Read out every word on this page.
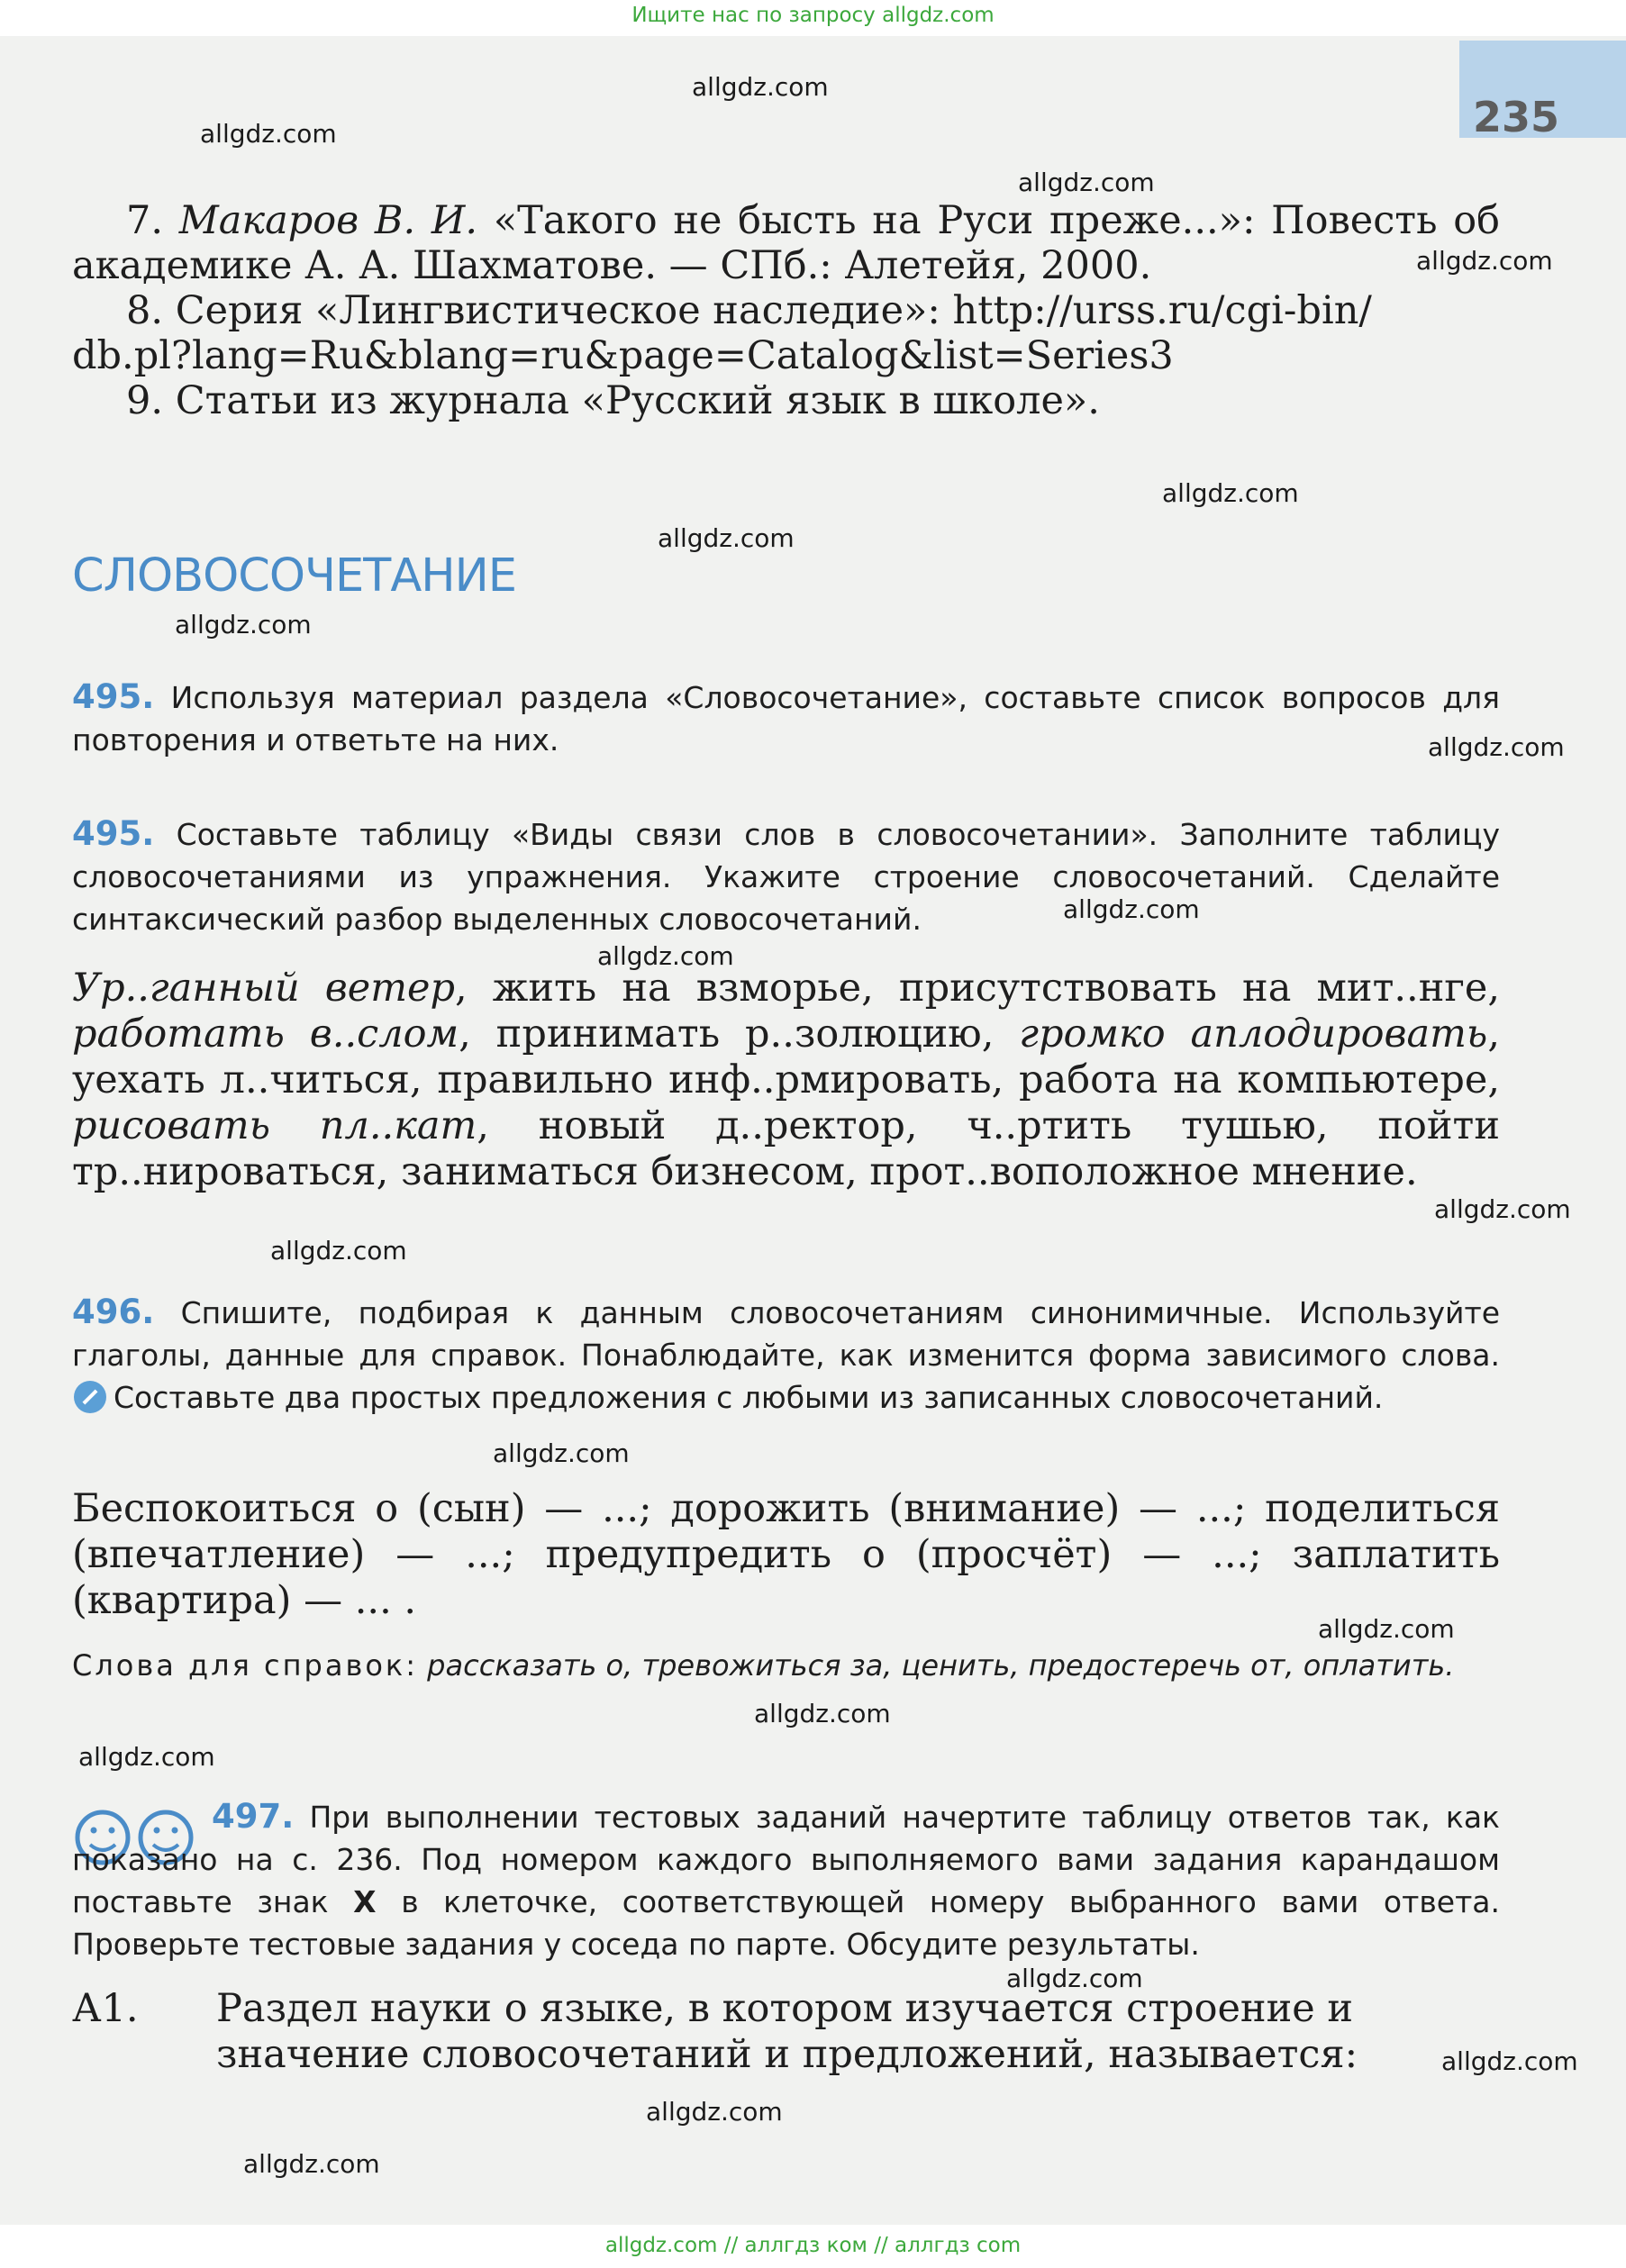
Ищите нас по запросу allgdz.com
235
7. Макаров В. И. «Такого не бысть на Руси преже...»: Повесть об академике А. А. Шахматове. — СПб.: Алетейя, 2000.
8. Серия «Лингвистическое наследие»: http://urss.ru/cgi-bin/ db.pl?lang=Ru&blang=ru&page=Catalog&list=Series3
9. Статьи из журнала «Русский язык в школе».
СЛОВОСОЧЕТАНИЕ
495. Используя материал раздела «Словосочетание», составьте список вопросов для повторения и ответьте на них.
495. Составьте таблицу «Виды связи слов в словосочетании». Заполните таблицу словосочетаниями из упражнения. Укажите строение словосочетаний. Сделайте синтаксический разбор выделенных словосочетаний.
Ур..ганный ветер, жить на взморье, присутствовать на мит..нге, работать в..слом, принимать р..золюцию, громко аплодировать, уехать л..читься, правильно инф..рмировать, работа на компьютере, рисовать пл..кат, новый д..ректор, ч..ртить тушью, пойти тр..нироваться, заниматься бизнесом, прот..воположное мнение.
496. Спишите, подбирая к данным словосочетаниям синонимичные. Используйте глаголы, данные для справок. Понаблюдайте, как изменится форма зависимого слова. Составьте два простых предложения с любыми из записанных словосочетаний.
Беспокоиться о (сын) — ...; дорожить (внимание) — ...; поделиться (впечатление) — ...; предупредить о (просчёт) — ...; заплатить (квартира) — ... .
Слова для справок: рассказать о, тревожиться за, ценить, предостеречь от, оплатить.
497. При выполнении тестовых заданий начертите таблицу ответов так, как показано на с. 236. Под номером каждого выполняемого вами задания карандашом поставьте знак X в клеточке, соответствующей номеру выбранного вами ответа. Проверьте тестовые задания у соседа по парте. Обсудите результаты.
А1. Раздел науки о языке, в котором изучается строение и значение словосочетаний и предложений, называется:
allgdz.com
allgdz.com
allgdz.com
allgdz.com
allgdz.com
allgdz.com
allgdz.com
allgdz.com
allgdz.com
allgdz.com
allgdz.com
allgdz.com
allgdz.com
allgdz.com
allgdz.com
allgdz.com
allgdz.com
allgdz.com
allgdz.com
allgdz.com
allgdz.com // аллгдз ком // аллгдз com
